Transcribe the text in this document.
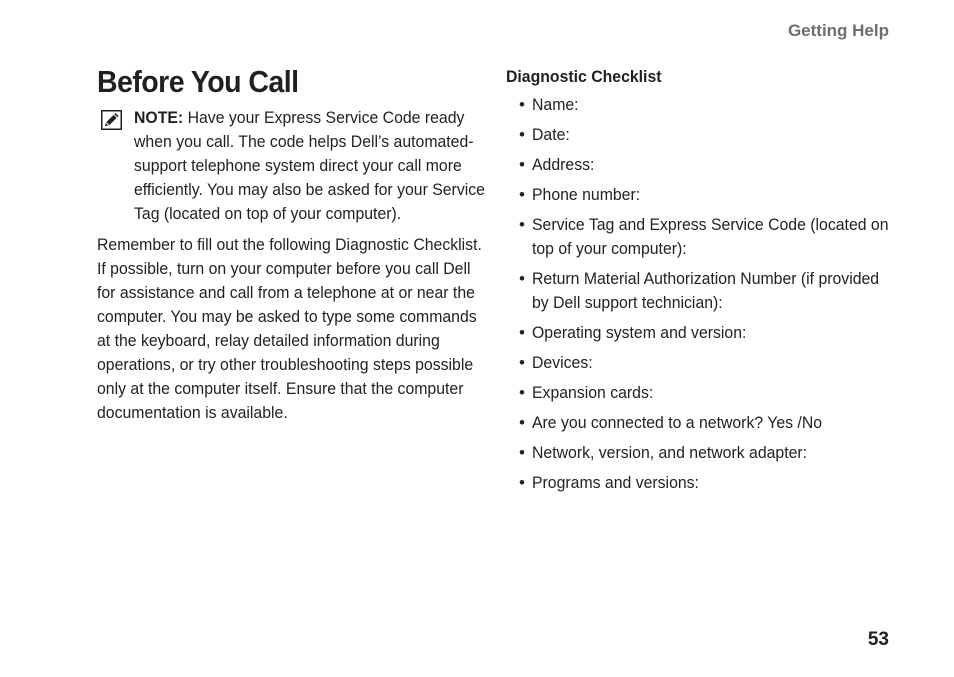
Getting Help
Before You Call
NOTE: Have your Express Service Code ready when you call. The code helps Dell’s automated-support telephone system direct your call more efficiently. You may also be asked for your Service Tag (located on top of your computer).
Remember to fill out the following Diagnostic Checklist. If possible, turn on your computer before you call Dell for assistance and call from a telephone at or near the computer. You may be asked to type some commands at the keyboard, relay detailed information during operations, or try other troubleshooting steps possible only at the computer itself. Ensure that the computer documentation is available.
Diagnostic Checklist
• Name:
• Date:
• Address:
• Phone number:
• Service Tag and Express Service Code (located on top of your computer):
• Return Material Authorization Number (if provided by Dell support technician):
• Operating system and version:
• Devices:
• Expansion cards:
• Are you connected to a network? Yes /No
• Network, version, and network adapter:
• Programs and versions:
53
